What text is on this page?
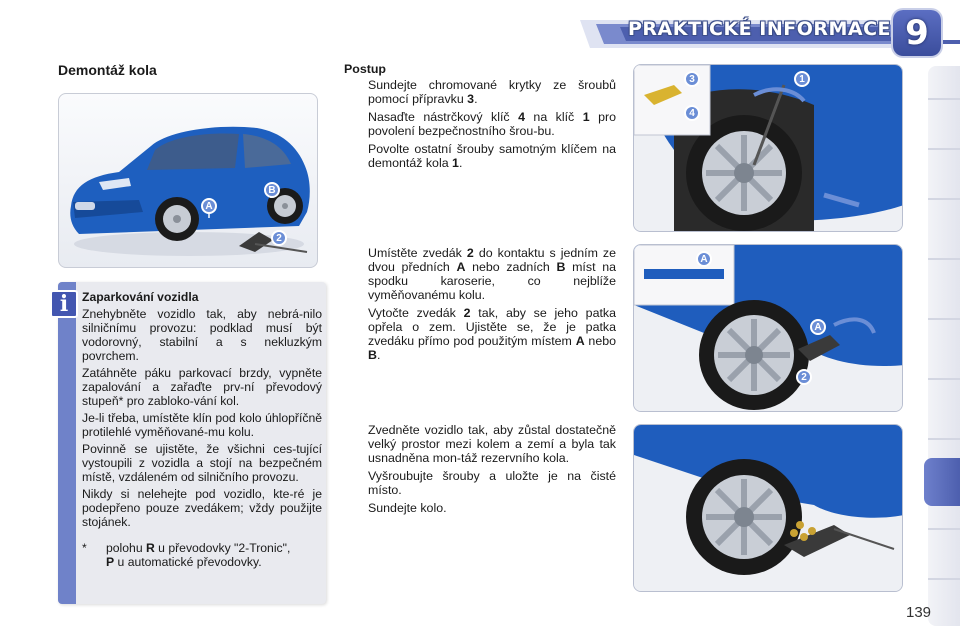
PRAKTICKÉ INFORMACE 9
Demontáž kola
A
B
2
i	Zaparkování vozidla

Znehybněte vozidlo tak, aby nebrá-nilo silničnímu provozu: podklad musí být vodorovný, stabilní a s nekluzkým povrchem.

Zatáhněte páku parkovací brzdy, vypněte zapalování a zařaďte prv-ní převodový stupeň* pro zabloko-vání kol.

Je-li třeba, umístěte klín pod kolo úhlopříčně protilehlé vyměňované-mu kolu.

Povinně se ujistěte, že všichni ces-tující vystoupili z vozidla a stojí na bezpečném místě, vzdáleném od silničního provozu.

Nikdy si nelehejte pod vozidlo, kte-ré je podepřeno pouze zvedákem; vždy použijte stojánek.

*	polohu R u převodovky "2-Tronic",
P u automatické převodovky.
Postup
Sundejte chromované krytky ze šroubů pomocí přípravku 3.
Nasaďte nástrčkový klíč 4 na klíč 1 pro povolení bezpečnostního šrou-bu.
Povolte ostatní šrouby samotným klíčem na demontáž kola 1.
Umístěte zvedák 2 do kontaktu s jedním ze dvou předních A nebo zadních B míst na spodku karoserie, co nejblíže vyměňovanému kolu.
Vytočte zvedák 2 tak, aby se jeho patka opřela o zem. Ujistěte se, že je patka zvedáku přímo pod použitým místem A nebo B.
Zvedněte vozidlo tak, aby zůstal dostatečně velký prostor mezi kolem a zemí a byla tak usnadněna mon-táž rezervního kola.
Vyšroubujte šrouby a uložte je na čisté místo.
Sundejte kolo.
3	1
4
A
A
2
139
